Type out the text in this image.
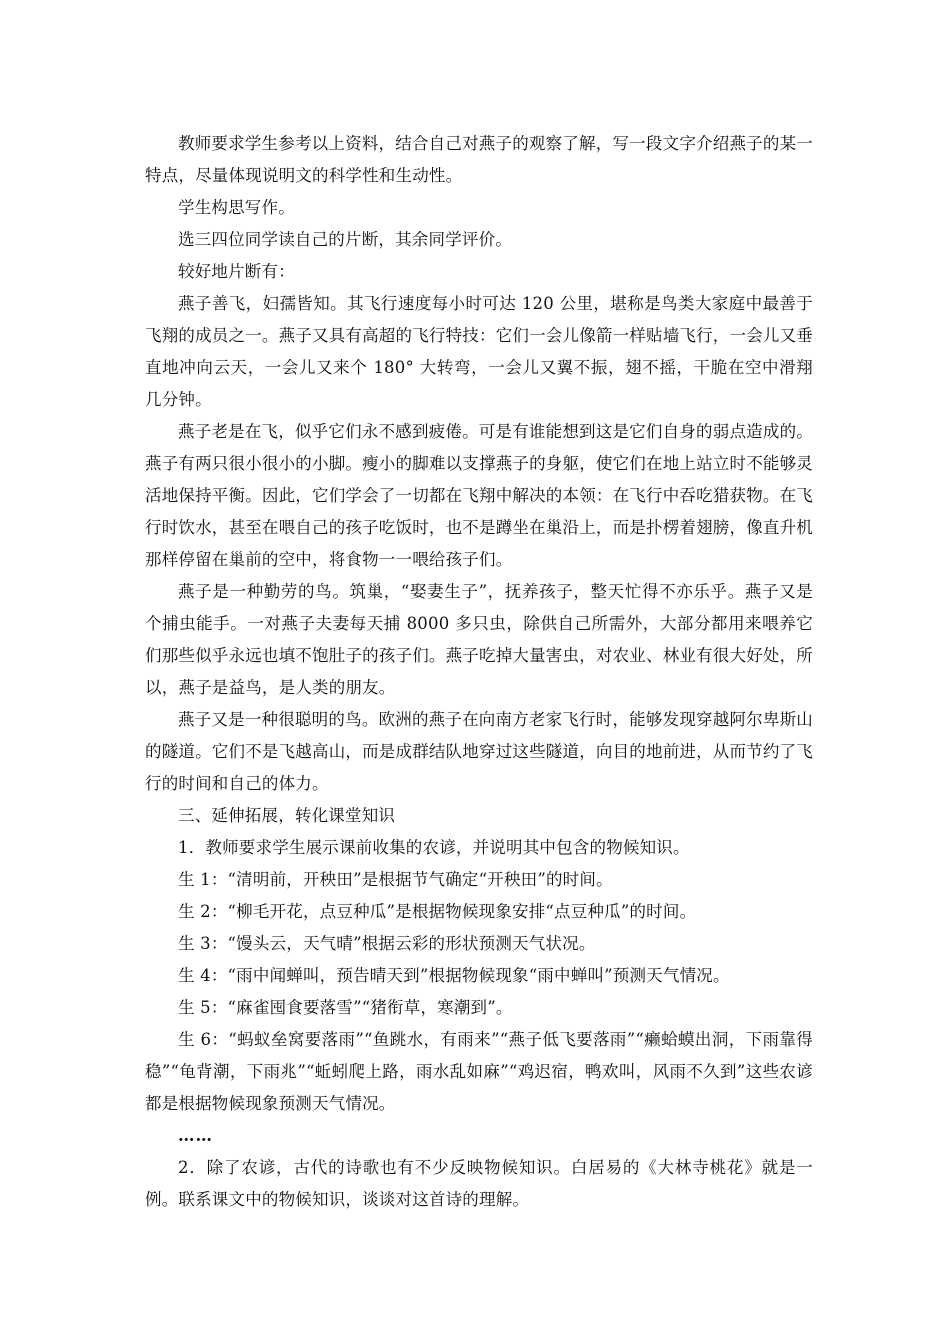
教师要求学生参考以上资料，结合自己对燕子的观察了解，写一段文字介绍燕子的某一特点，尽量体现说明文的科学性和生动性。

学生构思写作。

选三四位同学读自己的片断，其余同学评价。

较好地片断有：

燕子善飞，妇孺皆知。其飞行速度每小时可达 120 公里，堪称是鸟类大家庭中最善于飞翔的成员之一。燕子又具有高超的飞行特技：它们一会儿像箭一样贴墙飞行，一会儿又垂直地冲向云天，一会儿又来个 180° 大转弯，一会儿又翼不振，翅不摇，干脆在空中滑翔几分钟。

燕子老是在飞，似乎它们永不感到疲倦。可是有谁能想到这是它们自身的弱点造成的。燕子有两只很小很小的小脚。瘦小的脚难以支撑燕子的身躯，使它们在地上站立时不能够灵活地保持平衡。因此，它们学会了一切都在飞翔中解决的本领：在飞行中吞吃猎获物。在飞行时饮水，甚至在喂自己的孩子吃饭时，也不是蹲坐在巢沿上，而是扑楞着翅膀，像直升机那样停留在巢前的空中，将食物一一喂给孩子们。

燕子是一种勤劳的鸟。筑巢，“娶妻生子”，抚养孩子，整天忙得不亦乐乎。燕子又是个捕虫能手。一对燕子夫妻每天捕 8000 多只虫，除供自己所需外，大部分都用来喂养它们那些似乎永远也填不饱肚子的孩子们。燕子吃掉大量害虫，对农业、林业有很大好处，所以，燕子是益鸟，是人类的朋友。

燕子又是一种很聪明的鸟。欧洲的燕子在向南方老家飞行时，能够发现穿越阿尔卑斯山的隧道。它们不是飞越高山，而是成群结队地穿过这些隧道，向目的地前进，从而节约了飞行的时间和自己的体力。

三、延伸拓展，转化课堂知识

1．教师要求学生展示课前收集的农谚，并说明其中包含的物候知识。

生 1：“清明前，开秧田”是根据节气确定“开秧田”的时间。

生 2：“柳毛开花，点豆种瓜”是根据物候现象安排“点豆种瓜”的时间。

生 3：“馒头云，天气晴”根据云彩的形状预测天气状况。

生 4：“雨中闻蝉叫，预告晴天到”根据物候现象“雨中蝉叫”预测天气情况。

生 5：“麻雀囤食要落雪”“猪衔草，寒潮到”。

生 6：“蚂蚁垒窝要落雨”“鱼跳水，有雨来”“燕子低飞要落雨”“癞蛤蟆出洞，下雨靠得稳”“龟背潮，下雨兆”“蚯蚓爬上路，雨水乱如麻”“鸡迟宿，鸭欢叫，风雨不久到”这些农谚都是根据物候现象预测天气情况。

……

2．除了农谚，古代的诗歌也有不少反映物候知识。白居易的《大林寺桃花》就是一例。联系课文中的物候知识，谈谈对这首诗的理解。
